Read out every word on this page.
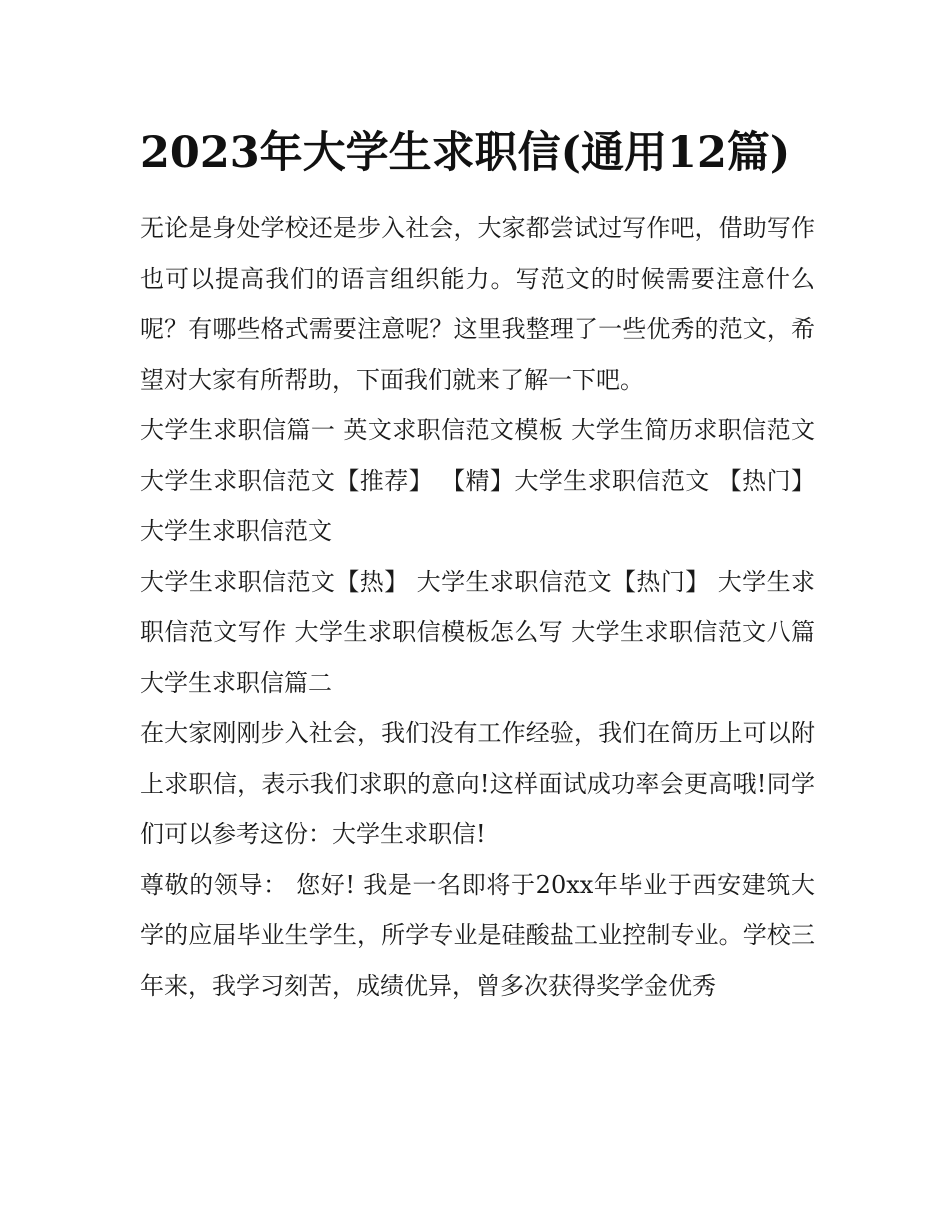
2023年大学生求职信(通用12篇)

无论是身处学校还是步入社会，大家都尝试过写作吧，借助写作也可以提高我们的语言组织能力。写范文的时候需要注意什么呢？有哪些格式需要注意呢？这里我整理了一些优秀的范文，希望对大家有所帮助，下面我们就来了解一下吧。

大学生求职信篇一 英文求职信范文模板 大学生简历求职信范文 大学生求职信范文【推荐】 【精】大学生求职信范文 【热门】大学生求职信范文

大学生求职信范文【热】 大学生求职信范文【热门】 大学生求职信范文写作 大学生求职信模板怎么写 大学生求职信范文八篇 大学生求职信篇二

在大家刚刚步入社会，我们没有工作经验，我们在简历上可以附上求职信，表示我们求职的意向!这样面试成功率会更高哦!同学们可以参考这份：大学生求职信!

尊敬的领导： 您好! 我是一名即将于20xx年毕业于西安建筑大学的应届毕业生学生，所学专业是硅酸盐工业控制专业。学校三年来，我学习刻苦，成绩优异，曾多次获得奖学金优秀
